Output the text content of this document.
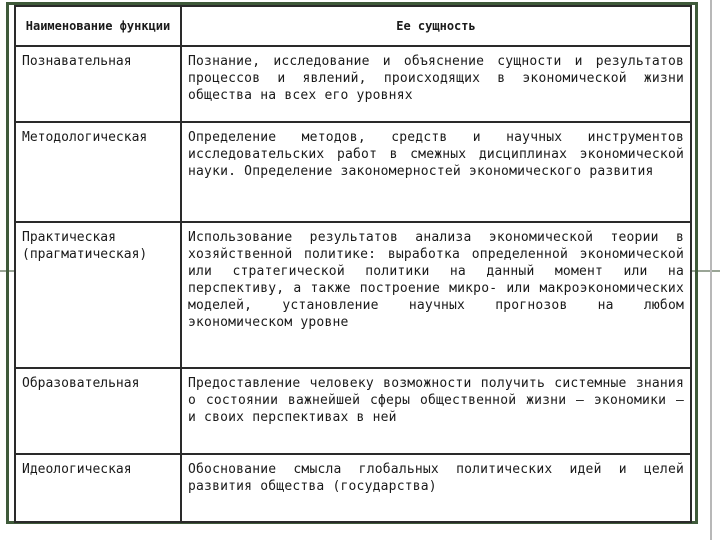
Наименование функции	Ее сущность
Познавательная	Познание, исследование и объяснение сущности и результатов процессов и явлений, происходящих в экономической жизни общества на всех его уровнях
Методологическая	Определение методов, средств и научных инструментов исследовательских работ в смежных дисциплинах экономической науки. Определение закономерностей экономического развития
Практическая (прагматическая)	Использование результатов анализа экономической теории в хозяйственной политике: выработка определенной экономической или стратегической политики на данный момент или на перспективу, а также построение микро- или макроэкономических моделей, установление научных прогнозов на любом экономическом уровне
Образовательная	Предоставление человеку возможности получить системные знания о состоянии важнейшей сферы общественной жизни — экономики — и своих перспективах в ней
Идеологическая	Обоснование смысла глобальных политических идей и целей развития общества (государства)
